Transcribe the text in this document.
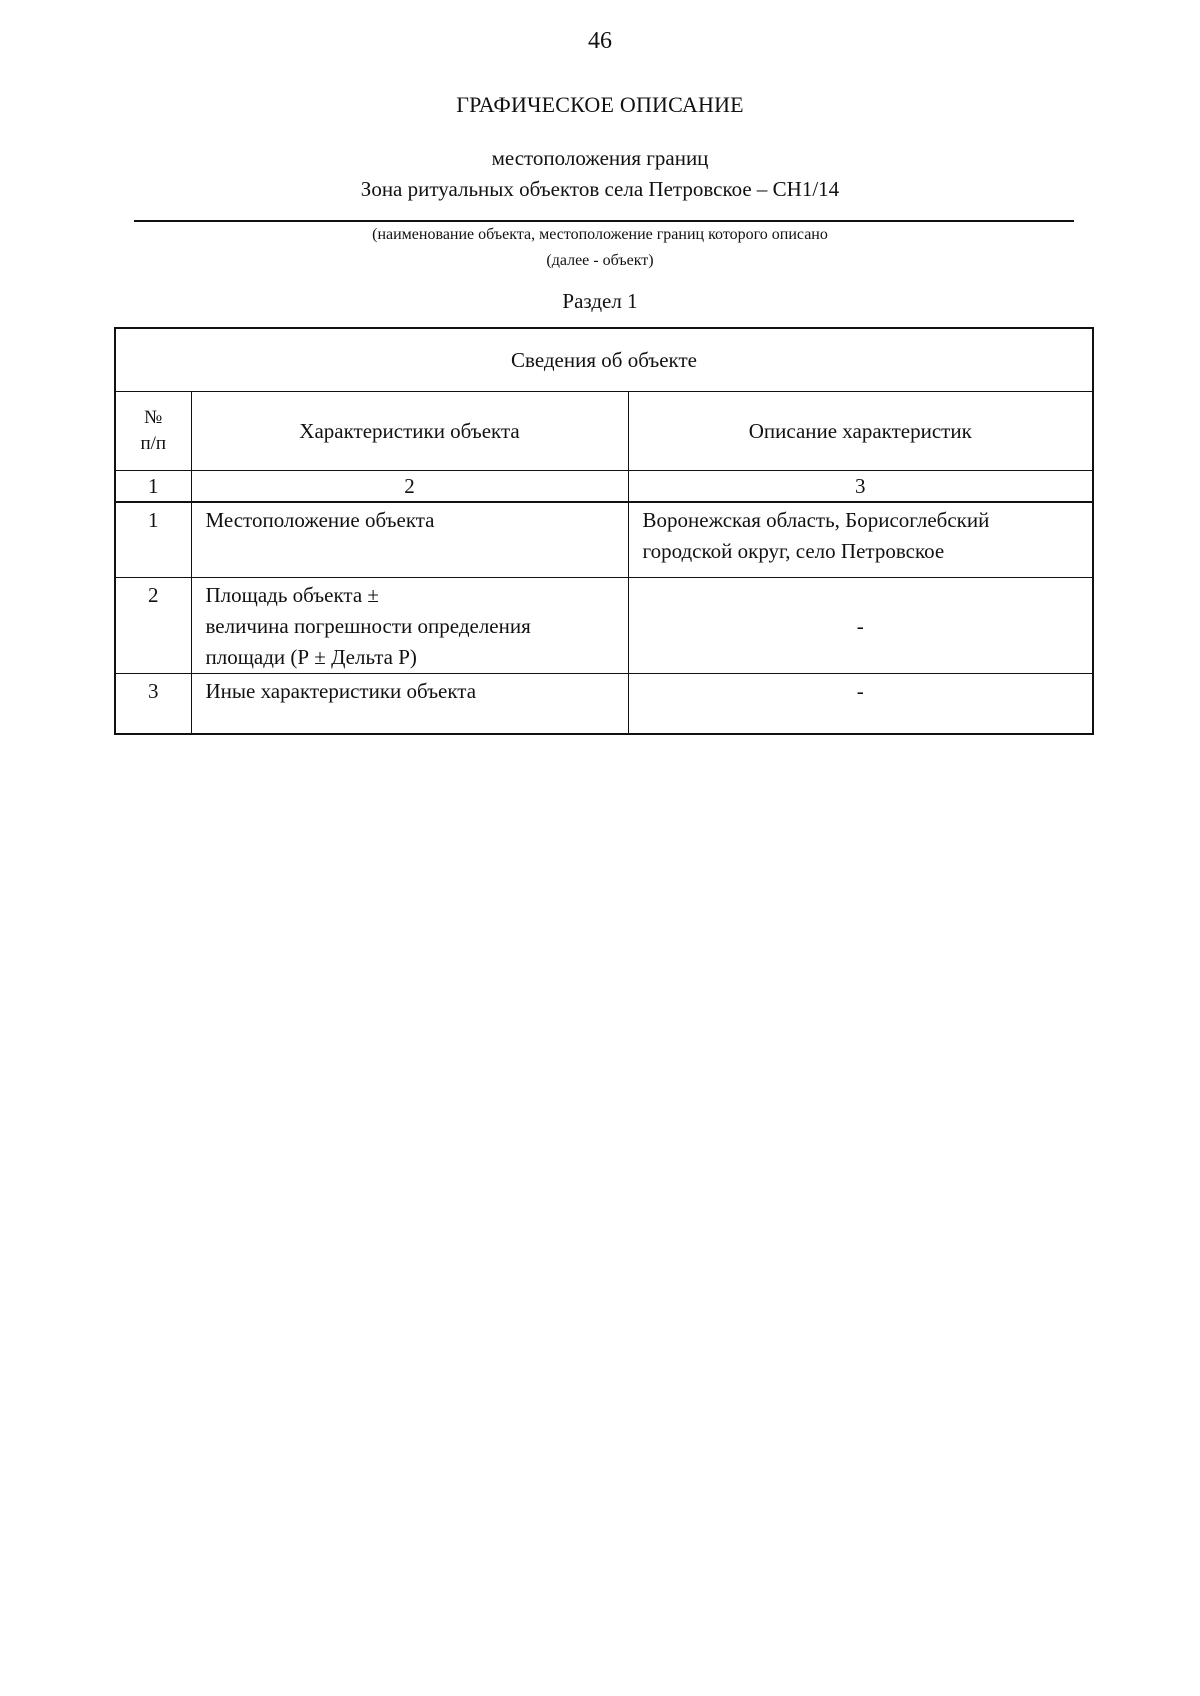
46
ГРАФИЧЕСКОЕ ОПИСАНИЕ
местоположения границ
Зона ритуальных объектов села Петровское – СН1/14
(наименование объекта, местоположение границ которого описано
(далее - объект)
Раздел 1
Сведения об объекте		

№
п/п	Характеристики объекта	Описание характеристик
1	2	3
1	Местоположение объекта	Воронежская область, Борисоглебский
городской округ, село Петровское

2	Площадь объекта ±
величина погрешности определения
площади (Р ± Дельта Р)	-

3	Иные характеристики объекта	-
